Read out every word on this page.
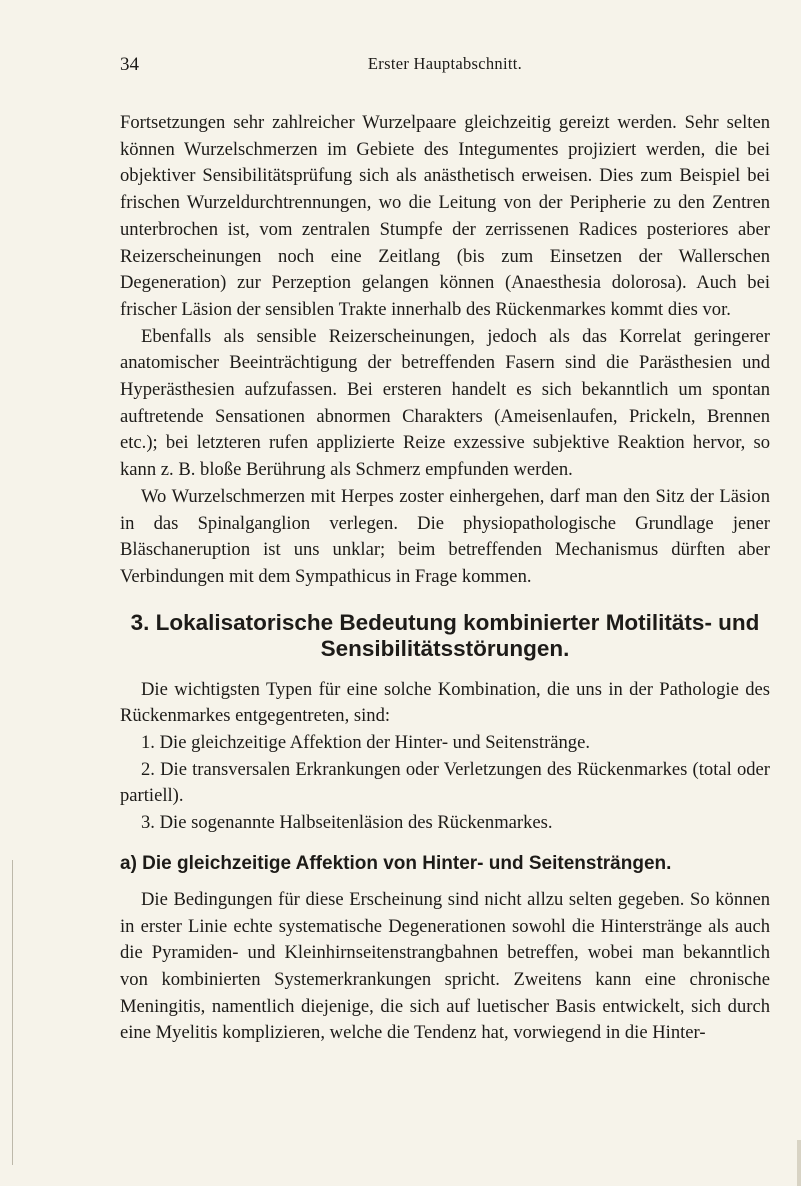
34	Erster Hauptabschnitt.

Fortsetzungen sehr zahlreicher Wurzelpaare gleichzeitig gereizt werden. Sehr selten können Wurzelschmerzen im Gebiete des Integumentes projiziert werden, die bei objektiver Sensibilitätsprüfung sich als anästhetisch erweisen. Dies zum Beispiel bei frischen Wurzeldurchtrennungen, wo die Leitung von der Peripherie zu den Zentren unterbrochen ist, vom zentralen Stumpfe der zerrissenen Radices posteriores aber Reizerscheinungen noch eine Zeitlang (bis zum Einsetzen der Wallerschen Degeneration) zur Perzeption gelangen können (Anaesthesia dolorosa). Auch bei frischer Läsion der sensiblen Trakte innerhalb des Rückenmarkes kommt dies vor.

Ebenfalls als sensible Reizerscheinungen, jedoch als das Korrelat geringerer anatomischer Beeinträchtigung der betreffenden Fasern sind die Parästhesien und Hyperästhesien aufzufassen. Bei ersteren handelt es sich bekanntlich um spontan auftretende Sensationen abnormen Charakters (Ameisenlaufen, Prickeln, Brennen etc.); bei letzteren rufen applizierte Reize exzessive subjektive Reaktion hervor, so kann z. B. bloße Berührung als Schmerz empfunden werden.

Wo Wurzelschmerzen mit Herpes zoster einhergehen, darf man den Sitz der Läsion in das Spinalganglion verlegen. Die physiopathologische Grundlage jener Bläschaneruption ist uns unklar; beim betreffenden Mechanismus dürften aber Verbindungen mit dem Sympathicus in Frage kommen.

3. Lokalisatorische Bedeutung kombinierter Motilitäts- und
Sensibilitätsstörungen.

Die wichtigsten Typen für eine solche Kombination, die uns in der Pathologie des Rückenmarkes entgegentreten, sind:

1. Die gleichzeitige Affektion der Hinter- und Seitenstränge.

2. Die transversalen Erkrankungen oder Verletzungen des Rückenmarkes (total oder partiell).

3. Die sogenannte Halbseitenläsion des Rückenmarkes.

a) Die gleichzeitige Affektion von Hinter- und Seitensträngen.

Die Bedingungen für diese Erscheinung sind nicht allzu selten gegeben. So können in erster Linie echte systematische Degenerationen sowohl die Hinterstränge als auch die Pyramiden- und Kleinhirnseitenstrangbahnen betreffen, wobei man bekanntlich von kombinierten Systemerkrankungen spricht. Zweitens kann eine chronische Meningitis, namentlich diejenige, die sich auf luetischer Basis entwickelt, sich durch eine Myelitis komplizieren, welche die Tendenz hat, vorwiegend in die Hinter-
